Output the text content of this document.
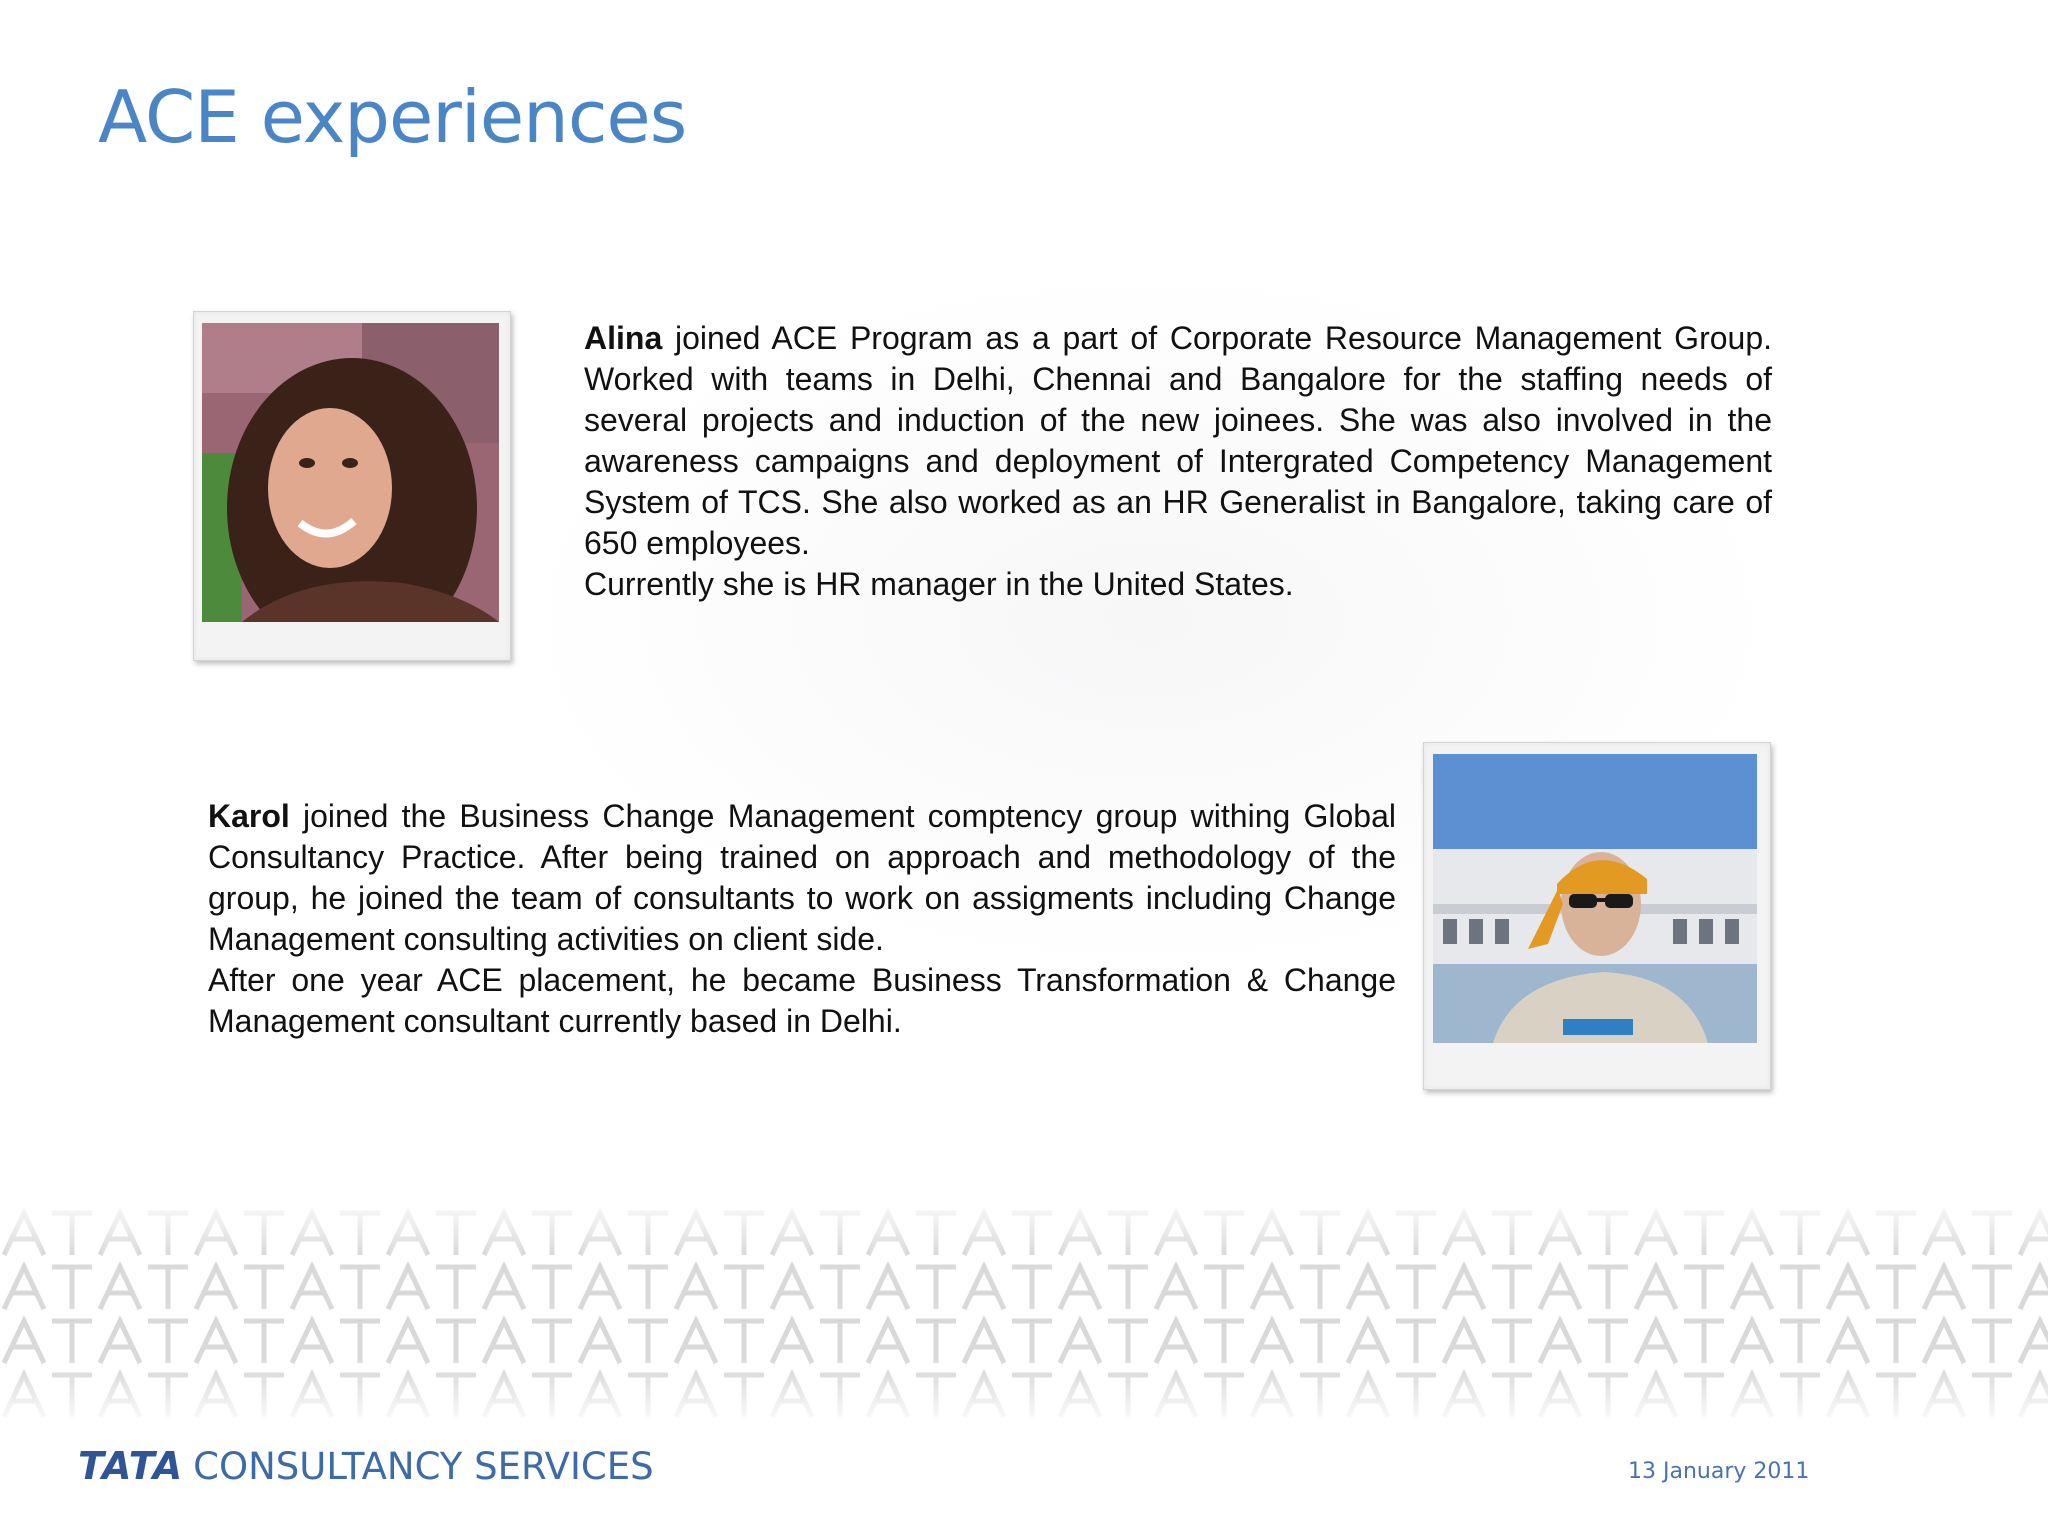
ACE experiences

Alina joined ACE Program as a part of Corporate Resource Management Group. Worked with teams in Delhi, Chennai and Bangalore for the staffing needs of several projects and induction of the new joinees. She was also involved in the awareness campaigns and deployment of Intergrated Competency Management System of TCS. She also worked as an HR Generalist in Bangalore, taking care of 650 employees.

Currently she is HR manager in the United States.

Karol joined the Business Change Management comptency group withing Global Consultancy Practice. After being trained on approach and methodology of the group, he joined the team of consultants to work on assigments including Change Management consulting activities on client side.

After one year ACE placement, he became Business Transformation & Change Management consultant currently based in Delhi.

TATA CONSULTANCY SERVICES	13 January 2011
